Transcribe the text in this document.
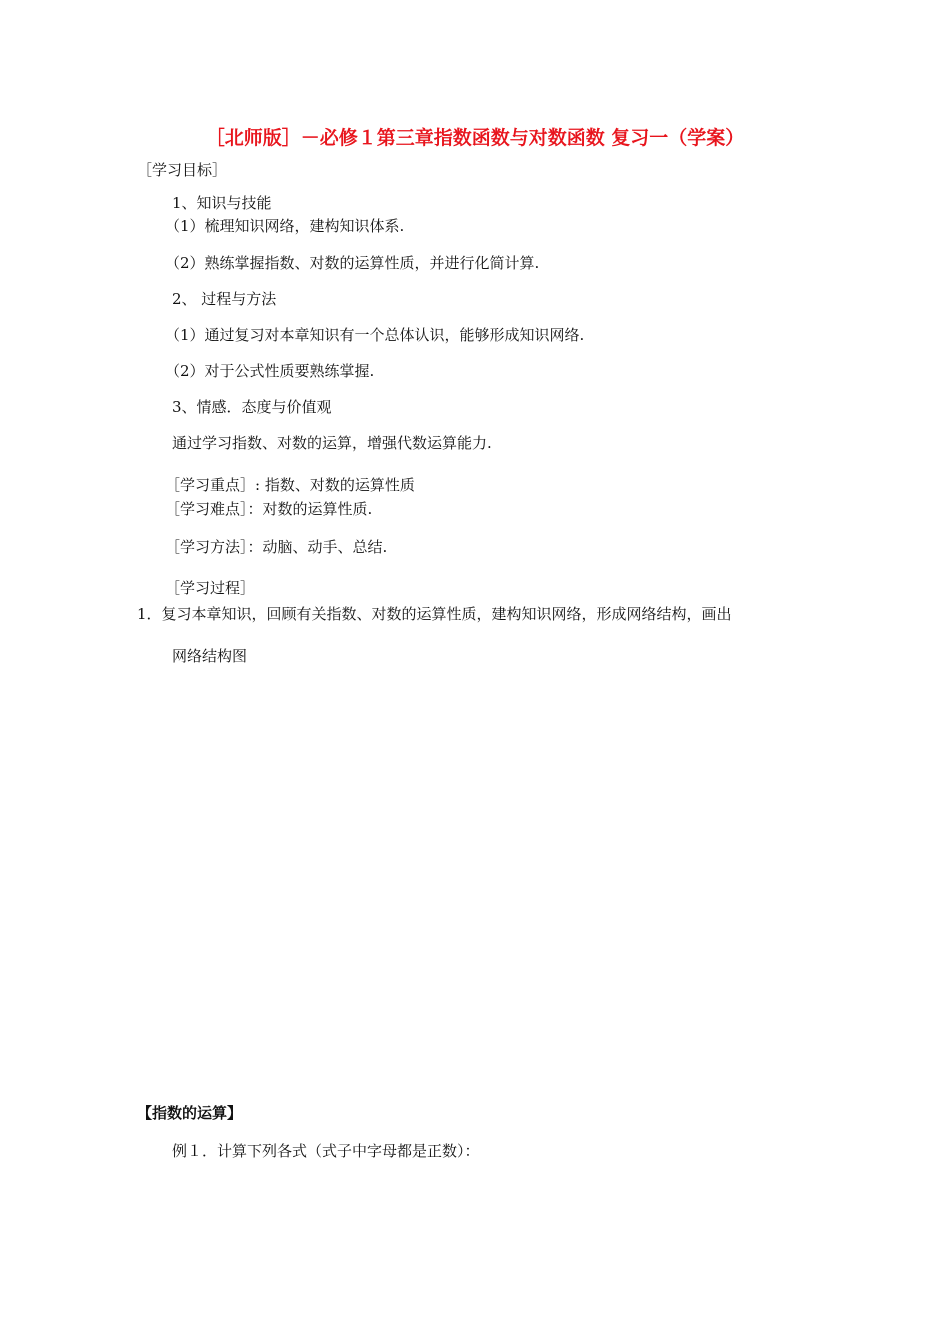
［北师版］－必修１第三章指数函数与对数函数 复习一（学案）
［学习目标］
1、知识与技能
（1）梳理知识网络，建构知识体系.
（2）熟练掌握指数、对数的运算性质，并进行化简计算.
2、 过程与方法
（1）通过复习对本章知识有一个总体认识，能够形成知识网络.
（2）对于公式性质要熟练掌握.
3、情感．态度与价值观
通过学习指数、对数的运算，增强代数运算能力.
［学习重点］: 指数、对数的运算性质
［学习难点］：对数的运算性质.
［学习方法］：动脑、动手、总结.
［学习过程］
1．复习本章知识，回顾有关指数、对数的运算性质，建构知识网络，形成网络结构，画出
网络结构图
【指数的运算】
例１．计算下列各式（式子中字母都是正数）：
